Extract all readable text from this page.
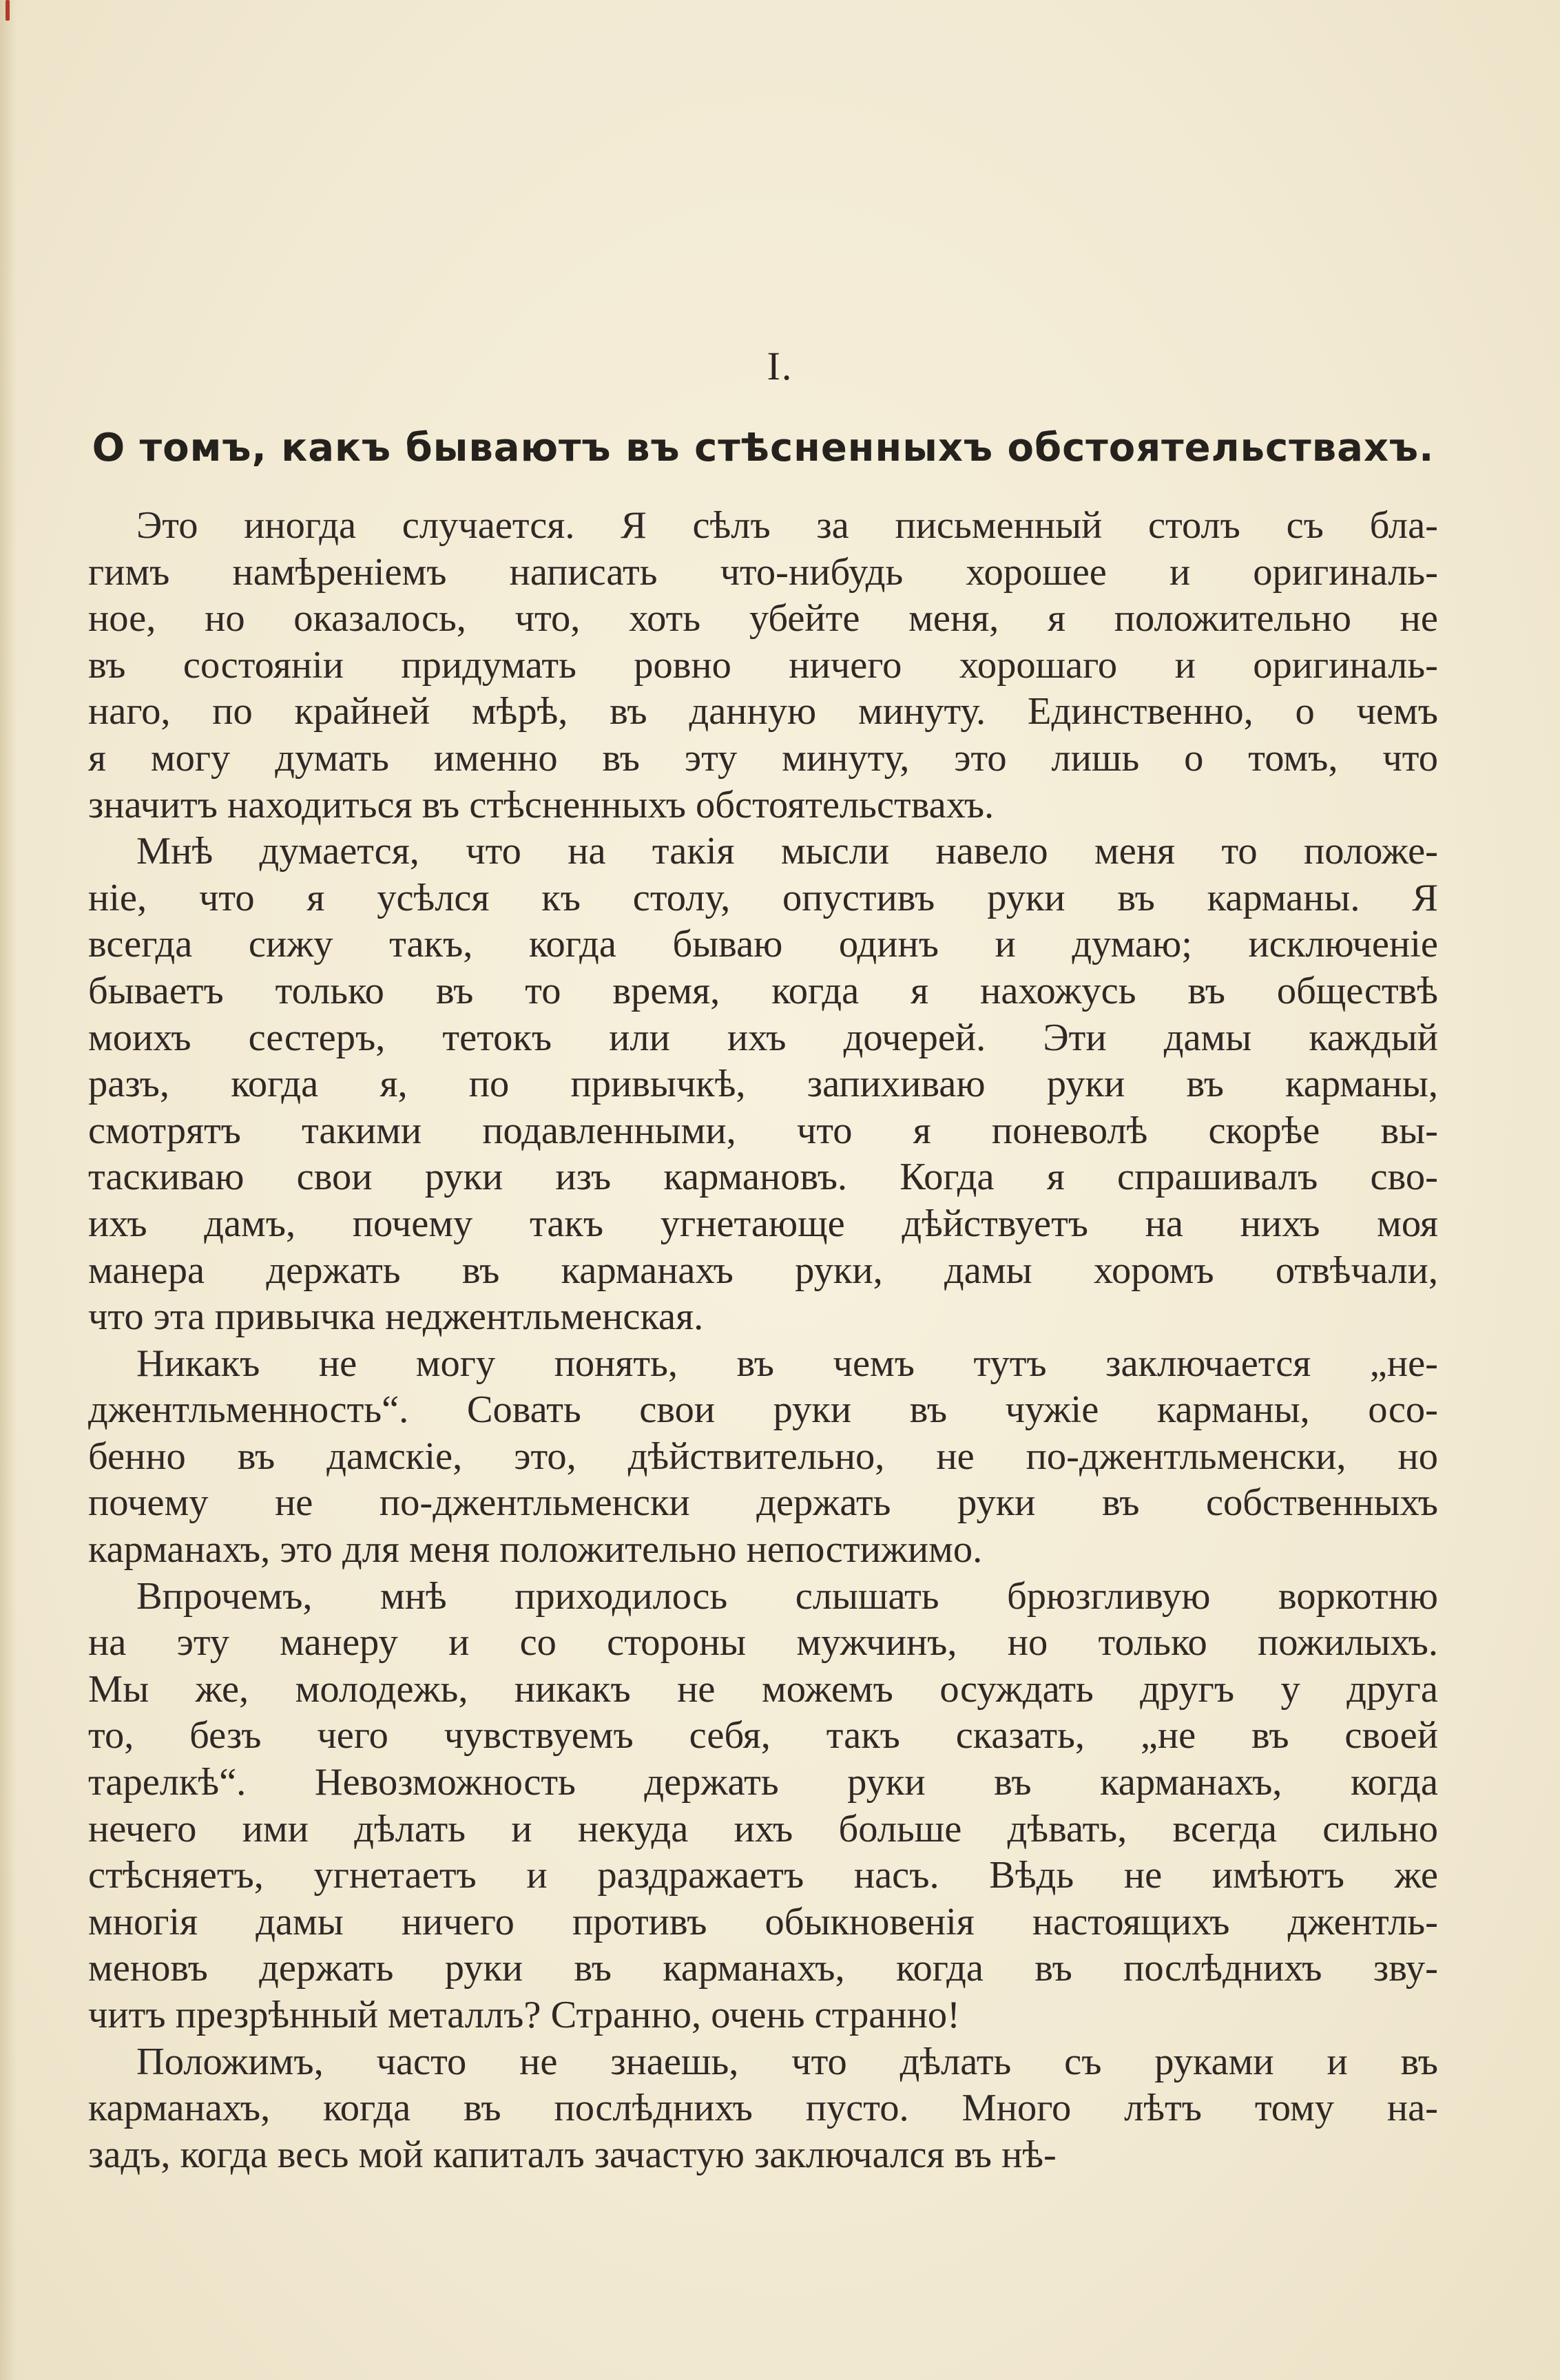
I.
О томъ, какъ бываютъ въ стѣсненныхъ обстоятельствахъ.
Это иногда случается. Я сѣлъ за письменный столъ съ бла-
гимъ намѣреніемъ написать что-нибудь хорошее и оригиналь-
ное, но оказалось, что, хоть убейте меня, я положительно не
въ состояніи придумать ровно ничего хорошаго и оригиналь-
наго, по крайней мѣрѣ, въ данную минуту. Единственно, о чемъ
я могу думать именно въ эту минуту, это лишь о томъ, что
значитъ находиться въ стѣсненныхъ обстоятельствахъ.
Мнѣ думается, что на такія мысли навело меня то положе-
ніе, что я усѣлся къ столу, опустивъ руки въ карманы. Я
всегда сижу такъ, когда бываю одинъ и думаю; исключеніе
бываетъ только въ то время, когда я нахожусь въ обществѣ
моихъ сестеръ, тетокъ или ихъ дочерей. Эти дамы каждый
разъ, когда я, по привычкѣ, запихиваю руки въ карманы,
смотрятъ такими подавленными, что я поневолѣ скорѣе вы-
таскиваю свои руки изъ кармановъ. Когда я спрашивалъ сво-
ихъ дамъ, почему такъ угнетающе дѣйствуетъ на нихъ моя
манера держать въ карманахъ руки, дамы хоромъ отвѣчали,
что эта привычка неджентльменская.
Никакъ не могу понять, въ чемъ тутъ заключается „не-
джентльменность“. Совать свои руки въ чужіе карманы, осо-
бенно въ дамскіе, это, дѣйствительно, не по-джентльменски, но
почему не по-джентльменски держать руки въ собственныхъ
карманахъ, это для меня положительно непостижимо.
Впрочемъ, мнѣ приходилось слышать брюзгливую воркотню
на эту манеру и со стороны мужчинъ, но только пожилыхъ.
Мы же, молодежь, никакъ не можемъ осуждать другъ у друга
то, безъ чего чувствуемъ себя, такъ сказать, „не въ своей
тарелкѣ“. Невозможность держать руки въ карманахъ, когда
нечего ими дѣлать и некуда ихъ больше дѣвать, всегда сильно
стѣсняетъ, угнетаетъ и раздражаетъ насъ. Вѣдь не имѣютъ же
многія дамы ничего противъ обыкновенія настоящихъ джентль-
меновъ держать руки въ карманахъ, когда въ послѣднихъ зву-
читъ презрѣнный металлъ? Странно, очень странно!
Положимъ, часто не знаешь, что дѣлать съ руками и въ
карманахъ, когда въ послѣднихъ пусто. Много лѣтъ тому на-
задъ, когда весь мой капиталъ зачастую заключался въ нѣ-
